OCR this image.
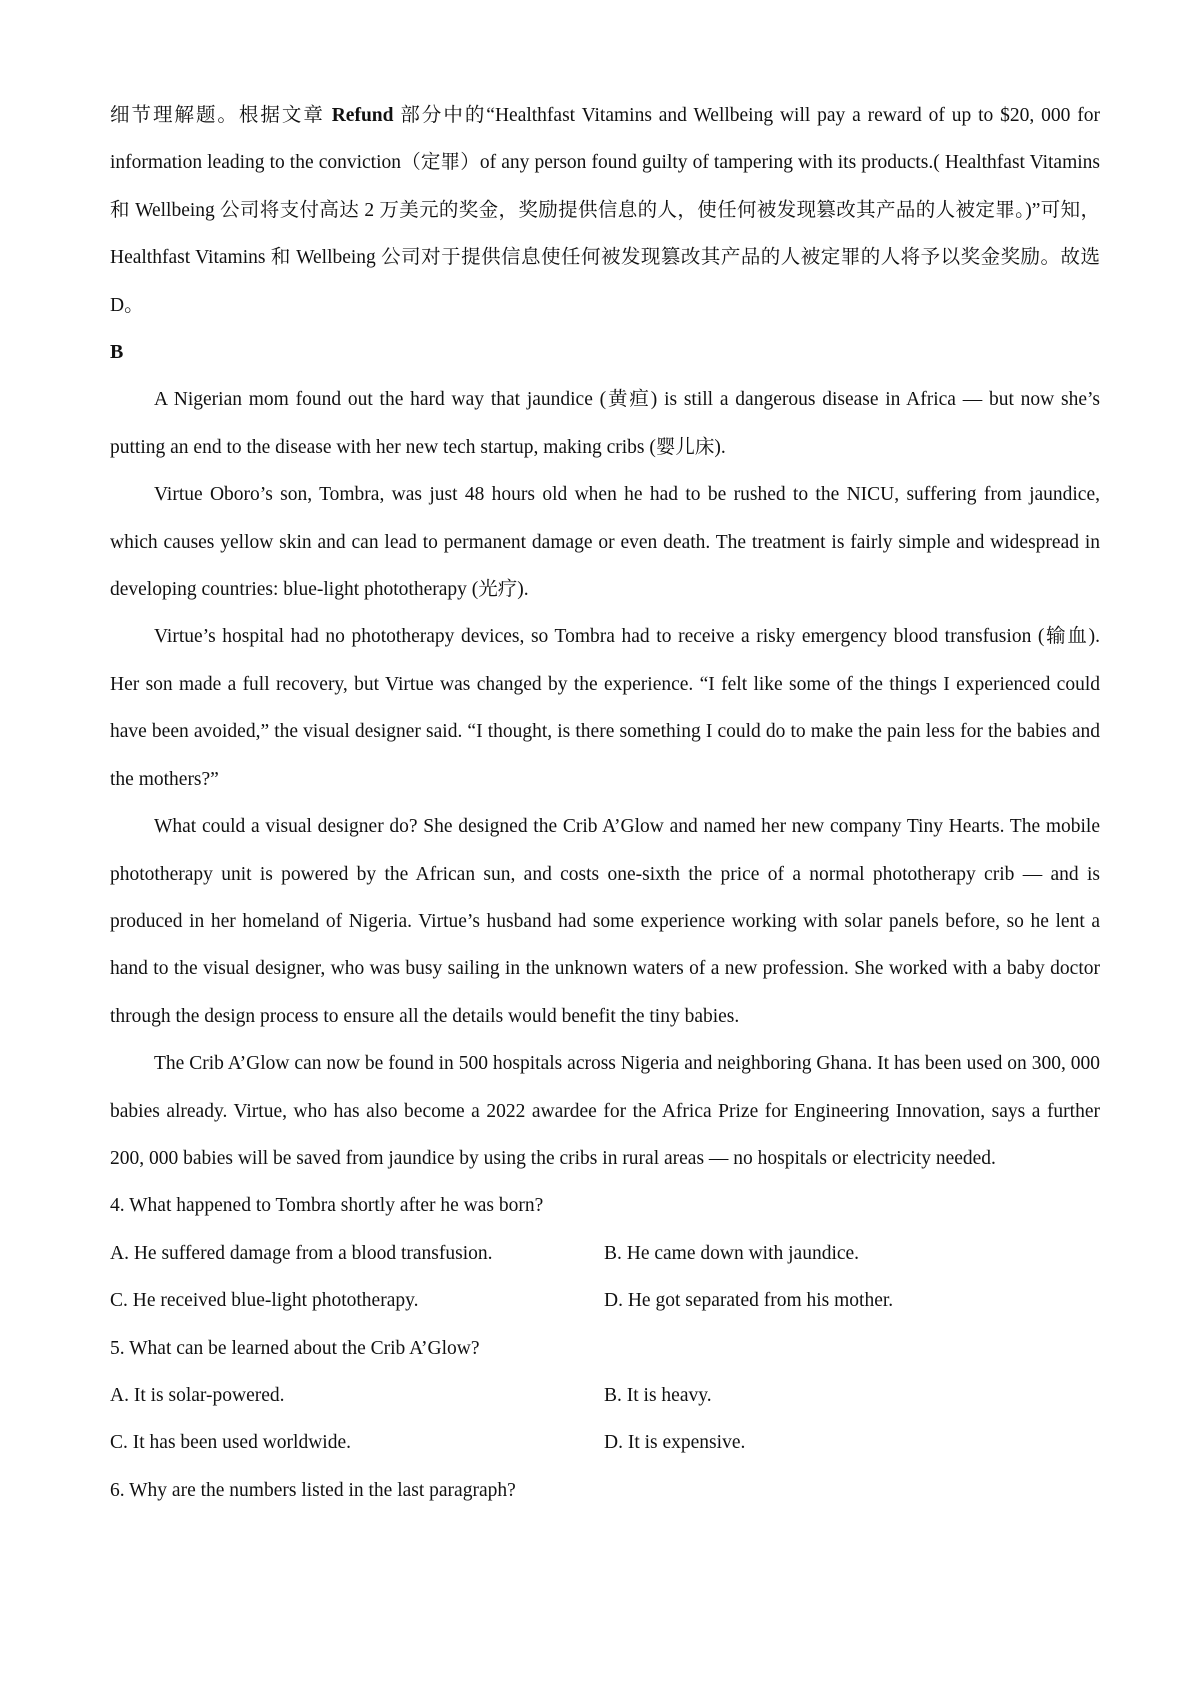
细节理解题。根据文章 Refund 部分中的“Healthfast Vitamins and Wellbeing will pay a reward of up to $20, 000 for information leading to the conviction（定罪）of any person found guilty of tampering with its products.( Healthfast Vitamins 和 Wellbeing 公司将支付高达 2 万美元的奖金，奖励提供信息的人，使任何被发现篡改其产品的人被定罪。)”可知，Healthfast Vitamins 和 Wellbeing 公司对于提供信息使任何被发现篡改其产品的人被定罪的人将予以奖金奖励。故选 D。

B

A Nigerian mom found out the hard way that jaundice (黄疸) is still a dangerous disease in Africa — but now she’s putting an end to the disease with her new tech startup, making cribs (婴儿床).

Virtue Oboro’s son, Tombra, was just 48 hours old when he had to be rushed to the NICU, suffering from jaundice, which causes yellow skin and can lead to permanent damage or even death. The treatment is fairly simple and widespread in developing countries: blue-light phototherapy (光疗).

Virtue’s hospital had no phototherapy devices, so Tombra had to receive a risky emergency blood transfusion (输血). Her son made a full recovery, but Virtue was changed by the experience. “I felt like some of the things I experienced could have been avoided,” the visual designer said. “I thought, is there something I could do to make the pain less for the babies and the mothers?”

What could a visual designer do? She designed the Crib A’Glow and named her new company Tiny Hearts. The mobile phototherapy unit is powered by the African sun, and costs one-sixth the price of a normal phototherapy crib — and is produced in her homeland of Nigeria. Virtue’s husband had some experience working with solar panels before, so he lent a hand to the visual designer, who was busy sailing in the unknown waters of a new profession. She worked with a baby doctor through the design process to ensure all the details would benefit the tiny babies.

The Crib A’Glow can now be found in 500 hospitals across Nigeria and neighboring Ghana. It has been used on 300, 000 babies already. Virtue, who has also become a 2022 awardee for the Africa Prize for Engineering Innovation, says a further 200, 000 babies will be saved from jaundice by using the cribs in rural areas — no hospitals or electricity needed.

4. What happened to Tombra shortly after he was born?

A. He suffered damage from a blood transfusion.	B. He came down with jaundice.
C. He received blue-light phototherapy.	D. He got separated from his mother.

5. What can be learned about the Crib A’Glow?

A. It is solar-powered.	B. It is heavy.
C. It has been used worldwide.	D. It is expensive.

6. Why are the numbers listed in the last paragraph?
